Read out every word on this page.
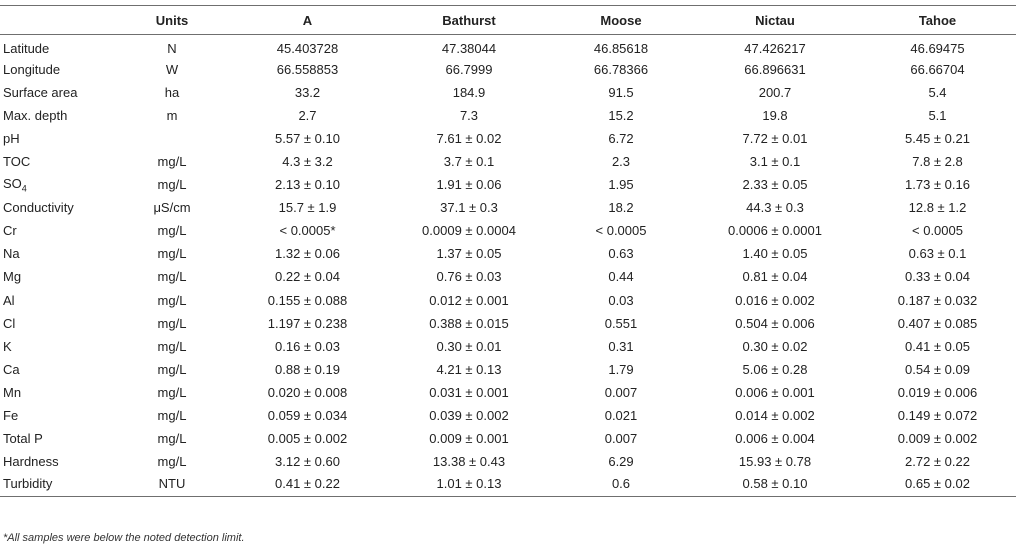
	Units	A	Bathurst	Moose	Nictau	Tahoe
Latitude	N	45.403728	47.38044	46.85618	47.426217	46.69475
Longitude	W	66.558853	66.7999	66.78366	66.896631	66.66704
Surface area	ha	33.2	184.9	91.5	200.7	5.4
Max. depth	m	2.7	7.3	15.2	19.8	5.1
pH		5.57 ± 0.10	7.61 ± 0.02	6.72	7.72 ± 0.01	5.45 ± 0.21
TOC	mg/L	4.3 ± 3.2	3.7 ± 0.1	2.3	3.1 ± 0.1	7.8 ± 2.8
$SO_4$	mg/L	2.13 ± 0.10	1.91 ± 0.06	1.95	2.33 ± 0.05	1.73 ± 0.16
Conductivity	μS/cm	15.7 ± 1.9	37.1 ± 0.3	18.2	44.3 ± 0.3	12.8 ± 1.2
Cr	mg/L	< 0.0005*	0.0009 ± 0.0004	< 0.0005	0.0006 ± 0.0001	< 0.0005
Na	mg/L	1.32 ± 0.06	1.37 ± 0.05	0.63	1.40 ± 0.05	0.63 ± 0.1
Mg	mg/L	0.22 ± 0.04	0.76 ± 0.03	0.44	0.81 ± 0.04	0.33 ± 0.04
Al	mg/L	0.155 ± 0.088	0.012 ± 0.001	0.03	0.016 ± 0.002	0.187 ± 0.032
Cl	mg/L	1.197 ± 0.238	0.388 ± 0.015	0.551	0.504 ± 0.006	0.407 ± 0.085
K	mg/L	0.16 ± 0.03	0.30 ± 0.01	0.31	0.30 ± 0.02	0.41 ± 0.05
Ca	mg/L	0.88 ± 0.19	4.21 ± 0.13	1.79	5.06 ± 0.28	0.54 ± 0.09
Mn	mg/L	0.020 ± 0.008	0.031 ± 0.001	0.007	0.006 ± 0.001	0.019 ± 0.006
Fe	mg/L	0.059 ± 0.034	0.039 ± 0.002	0.021	0.014 ± 0.002	0.149 ± 0.072
Total P	mg/L	0.005 ± 0.002	0.009 ± 0.001	0.007	0.006 ± 0.004	0.009 ± 0.002
Hardness	mg/L	3.12 ± 0.60	13.38 ± 0.43	6.29	15.93 ± 0.78	2.72 ± 0.22
Turbidity	NTU	0.41 ± 0.22	1.01 ± 0.13	0.6	0.58 ± 0.10	0.65 ± 0.02
*All samples were below the noted detection limit.
